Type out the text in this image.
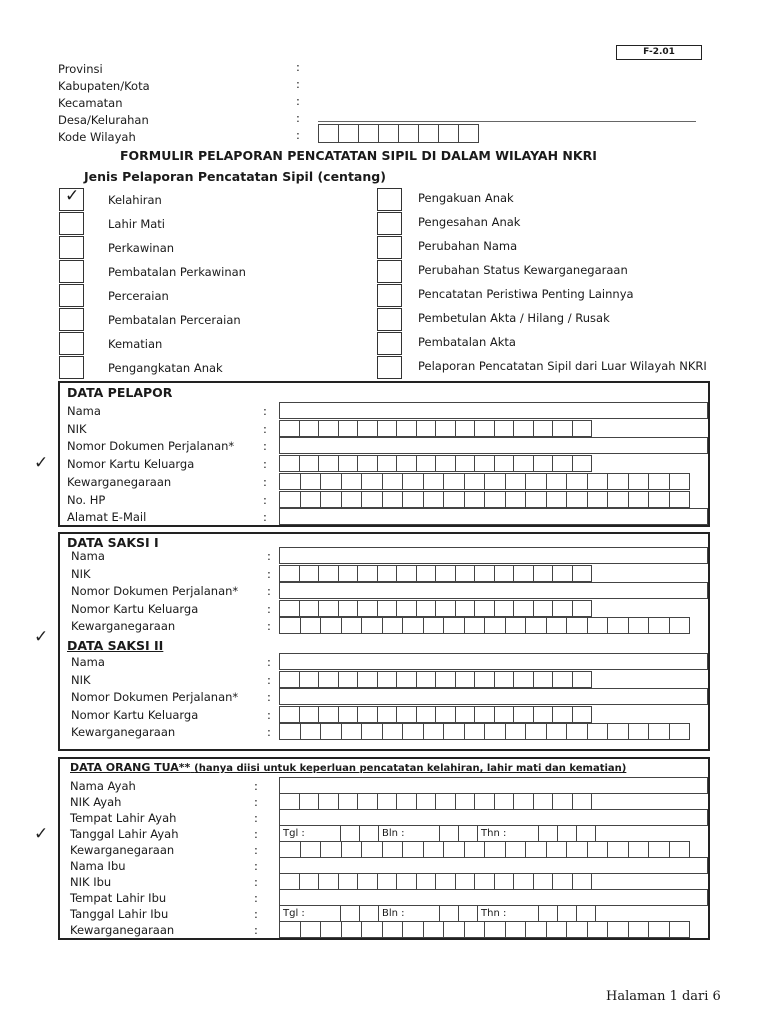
F-2.01
Provinsi	:
Kabupaten/Kota	:
Kecamatan	:
Desa/Kelurahan	:
Kode Wilayah	:
FORMULIR PELAPORAN PENCATATAN SIPIL DI DALAM WILAYAH NKRI
Jenis Pelaporan Pencatatan Sipil (centang)
✓	Kelahiran
Lahir Mati
Perkawinan
Pembatalan Perkawinan
Perceraian
Pembatalan Perceraian
Kematian
Pengangkatan Anak
Pengakuan Anak
Pengesahan Anak
Perubahan Nama
Perubahan Status Kewarganegaraan
Pencatatan Peristiwa Penting Lainnya
Pembetulan Akta / Hilang / Rusak
Pembatalan Akta
Pelaporan Pencatatan Sipil dari Luar Wilayah NKRI
DATA PELAPOR
Nama	:
NIK	:
Nomor Dokumen Perjalanan*	:
Nomor Kartu Keluarga	:
Kewarganegaraan	:
No. HP	:
Alamat E-Mail	:
✓
DATA SAKSI I
Nama	:
NIK	:
Nomor Dokumen Perjalanan*	:
Nomor Kartu Keluarga	:
Kewarganegaraan	:
✓ DATA SAKSI II
Nama	:
NIK	:
Nomor Dokumen Perjalanan*	:
Nomor Kartu Keluarga	:
Kewarganegaraan	:
DATA ORANG TUA** (hanya diisi untuk keperluan pencatatan kelahiran, lahir mati dan kematian)
Nama Ayah	:
NIK Ayah	:
Tempat Lahir Ayah	:
Tanggal Lahir Ayah	:	Tgl :	Bln :	Thn :
Kewarganegaraan	:
Nama Ibu	:
NIK Ibu	:
Tempat Lahir Ibu	:
Tanggal Lahir Ibu	:	Tgl :	Bln :	Thn :
Kewarganegaraan	:
✓
Halaman 1 dari 6
